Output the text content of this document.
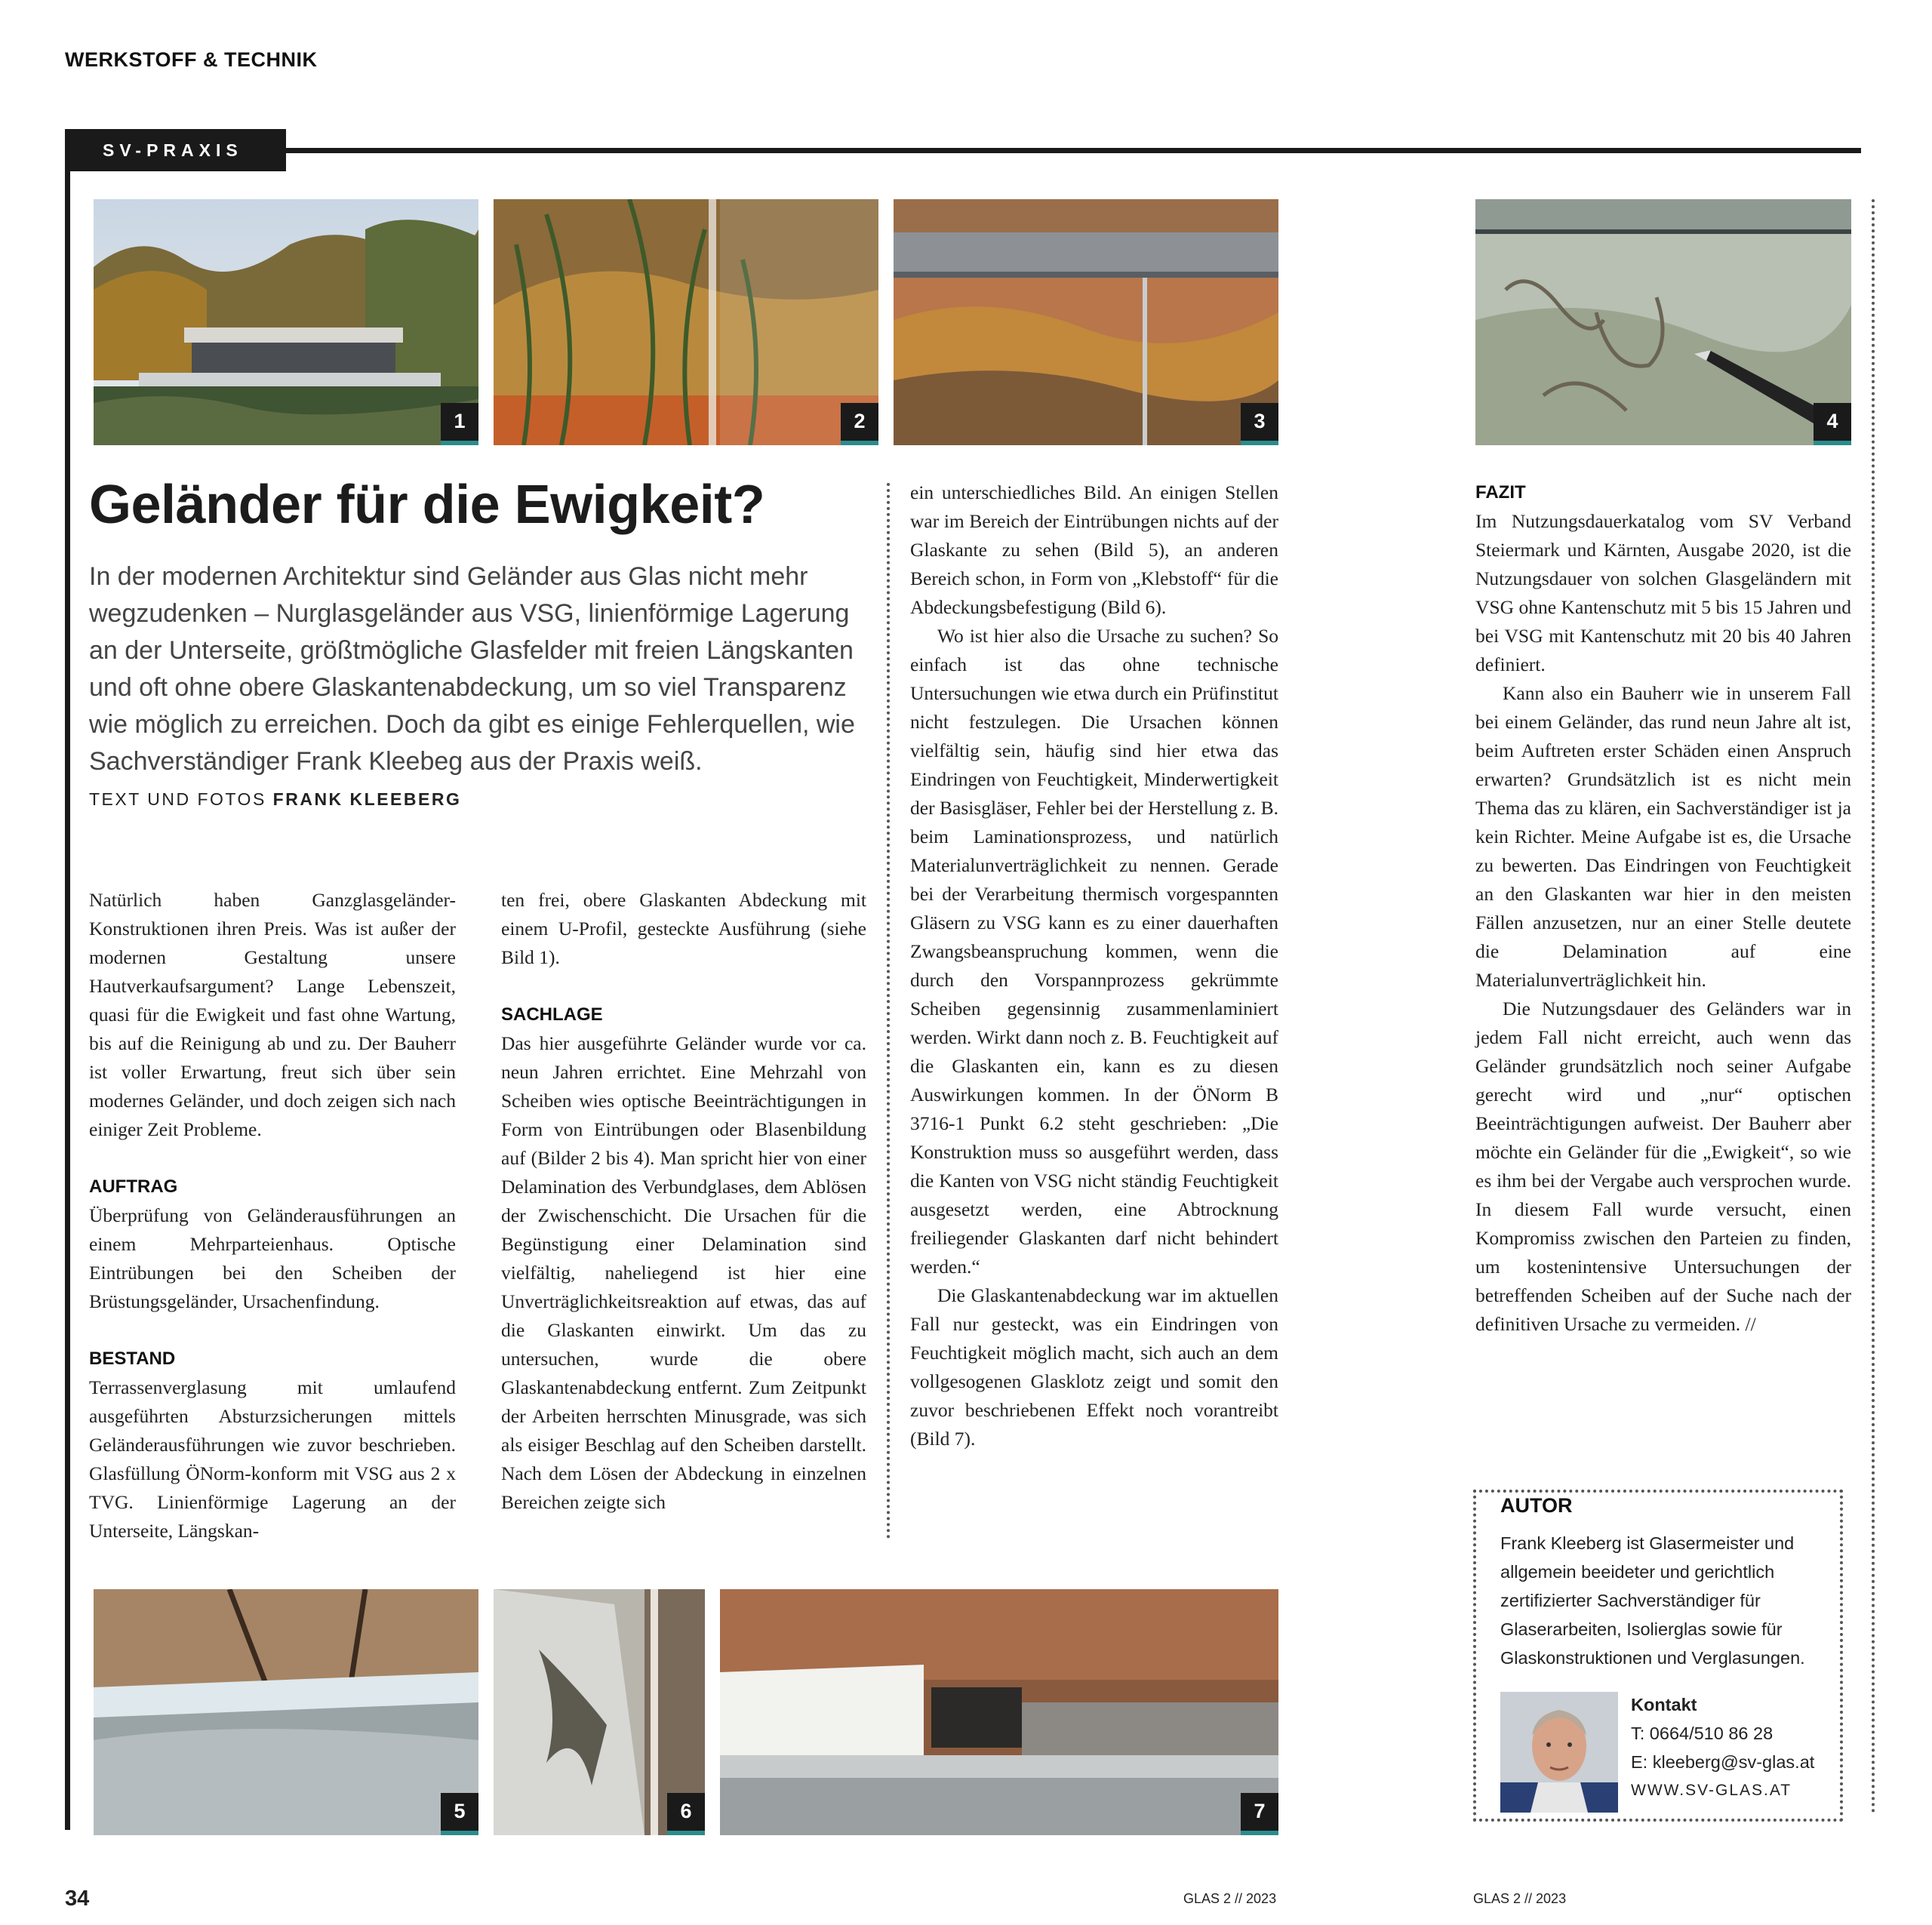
WERKSTOFF & TECHNIK
SV-PRAXIS
1	2	3	4
Geländer für die Ewigkeit?
In der modernen Architektur sind Geländer aus Glas nicht mehr wegzudenken – Nurglasgeländer aus VSG, linienförmige Lagerung an der Unterseite, größtmögliche Glasfelder mit freien Längskanten und oft ohne obere Glaskantenabdeckung, um so viel Transparenz wie möglich zu erreichen. Doch da gibt es einige Fehlerquellen, wie Sachverständiger Frank Kleebeg aus der Praxis weiß.
TEXT UND FOTOS FRANK KLEEBERG

Natürlich haben Ganzglasgeländer-Konstruktionen ihren Preis. Was ist außer der modernen Gestaltung unsere Hautverkaufsargument? Lange Lebenszeit, quasi für die Ewigkeit und fast ohne Wartung, bis auf die Reinigung ab und zu. Der Bauherr ist voller Erwartung, freut sich über sein modernes Geländer, und doch zeigen sich nach einiger Zeit Probleme.

AUFTRAG

Überprüfung von Geländerausführungen an einem Mehrparteienhaus. Optische Eintrübungen bei den Scheiben der Brüstungsgeländer, Ursachenfindung.

BESTAND

Terrassenverglasung mit umlaufend ausgeführten Absturzsicherungen mittels Geländerausführungen wie zuvor beschrieben. Glasfüllung ÖNorm-konform mit VSG aus 2 x TVG. Linienförmige Lagerung an der Unterseite, Längskan-

ten frei, obere Glaskanten Abdeckung mit einem U-Profil, gesteckte Ausführung (siehe Bild 1).

SACHLAGE

Das hier ausgeführte Geländer wurde vor ca. neun Jahren errichtet. Eine Mehrzahl von Scheiben wies optische Beeinträchtigungen in Form von Eintrübungen oder Blasenbildung auf (Bilder 2 bis 4). Man spricht hier von einer Delamination des Verbundglases, dem Ablösen der Zwischenschicht. Die Ursachen für die Begünstigung einer Delamination sind vielfältig, naheliegend ist hier eine Unverträglichkeitsreaktion auf etwas, das auf die Glaskanten einwirkt. Um das zu untersuchen, wurde die obere Glaskantenabdeckung entfernt. Zum Zeitpunkt der Arbeiten herrschten Minusgrade, was sich als eisiger Beschlag auf den Scheiben darstellt. Nach dem Lösen der Abdeckung in einzelnen Bereichen zeigte sich

ein unterschiedliches Bild. An einigen Stellen war im Bereich der Eintrübungen nichts auf der Glaskante zu sehen (Bild 5), an anderen Bereich schon, in Form von „Klebstoff“ für die Abdeckungsbefestigung (Bild 6).

Wo ist hier also die Ursache zu suchen? So einfach ist das ohne technische Untersuchungen wie etwa durch ein Prüfinstitut nicht festzulegen. Die Ursachen können vielfältig sein, häufig sind hier etwa das Eindringen von Feuchtigkeit, Minderwertigkeit der Basisgläser, Fehler bei der Herstellung z. B. beim Laminationsprozess, und natürlich Materialunverträglichkeit zu nennen. Gerade bei der Verarbeitung thermisch vorgespannten Gläsern zu VSG kann es zu einer dauerhaften Zwangsbeanspruchung kommen, wenn die durch den Vorspannprozess gekrümmte Scheiben gegensinnig zusammenlaminiert werden. Wirkt dann noch z. B. Feuchtigkeit auf die Glaskanten ein, kann es zu diesen Auswirkungen kommen. In der ÖNorm B 3716-1 Punkt 6.2 steht geschrieben: „Die Konstruktion muss so ausgeführt werden, dass die Kanten von VSG nicht ständig Feuchtigkeit ausgesetzt werden, eine Abtrocknung freiliegender Glaskanten darf nicht behindert werden.“

Die Glaskantenabdeckung war im aktuellen Fall nur gesteckt, was ein Eindringen von Feuchtigkeit möglich macht, sich auch an dem vollgesogenen Glasklotz zeigt und somit den zuvor beschriebenen Effekt noch vorantreibt (Bild 7).

FAZIT

Im Nutzungsdauerkatalog vom SV Verband Steiermark und Kärnten, Ausgabe 2020, ist die Nutzungsdauer von solchen Glasgeländern mit VSG ohne Kantenschutz mit 5 bis 15 Jahren und bei VSG mit Kantenschutz mit 20 bis 40 Jahren definiert.

Kann also ein Bauherr wie in unserem Fall bei einem Geländer, das rund neun Jahre alt ist, beim Auftreten erster Schäden einen Anspruch erwarten? Grundsätzlich ist es nicht mein Thema das zu klären, ein Sachverständiger ist ja kein Richter. Meine Aufgabe ist es, die Ursache zu bewerten. Das Eindringen von Feuchtigkeit an den Glaskanten war hier in den meisten Fällen anzusetzen, nur an einer Stelle deutete die Delamination auf eine Materialunverträglichkeit hin.

Die Nutzungsdauer des Geländers war in jedem Fall nicht erreicht, auch wenn das Geländer grundsätzlich noch seiner Aufgabe gerecht wird und „nur“ optischen Beeinträchtigungen aufweist. Der Bauherr aber möchte ein Geländer für die „Ewigkeit“, so wie es ihm bei der Vergabe auch versprochen wurde. In diesem Fall wurde versucht, einen Kompromiss zwischen den Parteien zu finden, um kostenintensive Untersuchungen der betreffenden Scheiben auf der Suche nach der definitiven Ursache zu vermeiden. //

AUTOR
Frank Kleeberg ist Glasermeister und allgemein beeideter und gerichtlich zertifizierter Sachverständiger für Glaserarbeiten, Isolierglas sowie für Glaskonstruktionen und Verglasungen.
Kontakt
T: 0664/510 86 28
E: kleeberg@sv-glas.at
WWW.SV-GLAS.AT
5	6	7
34	GLAS 2 // 2023	GLAS 2 // 2023
